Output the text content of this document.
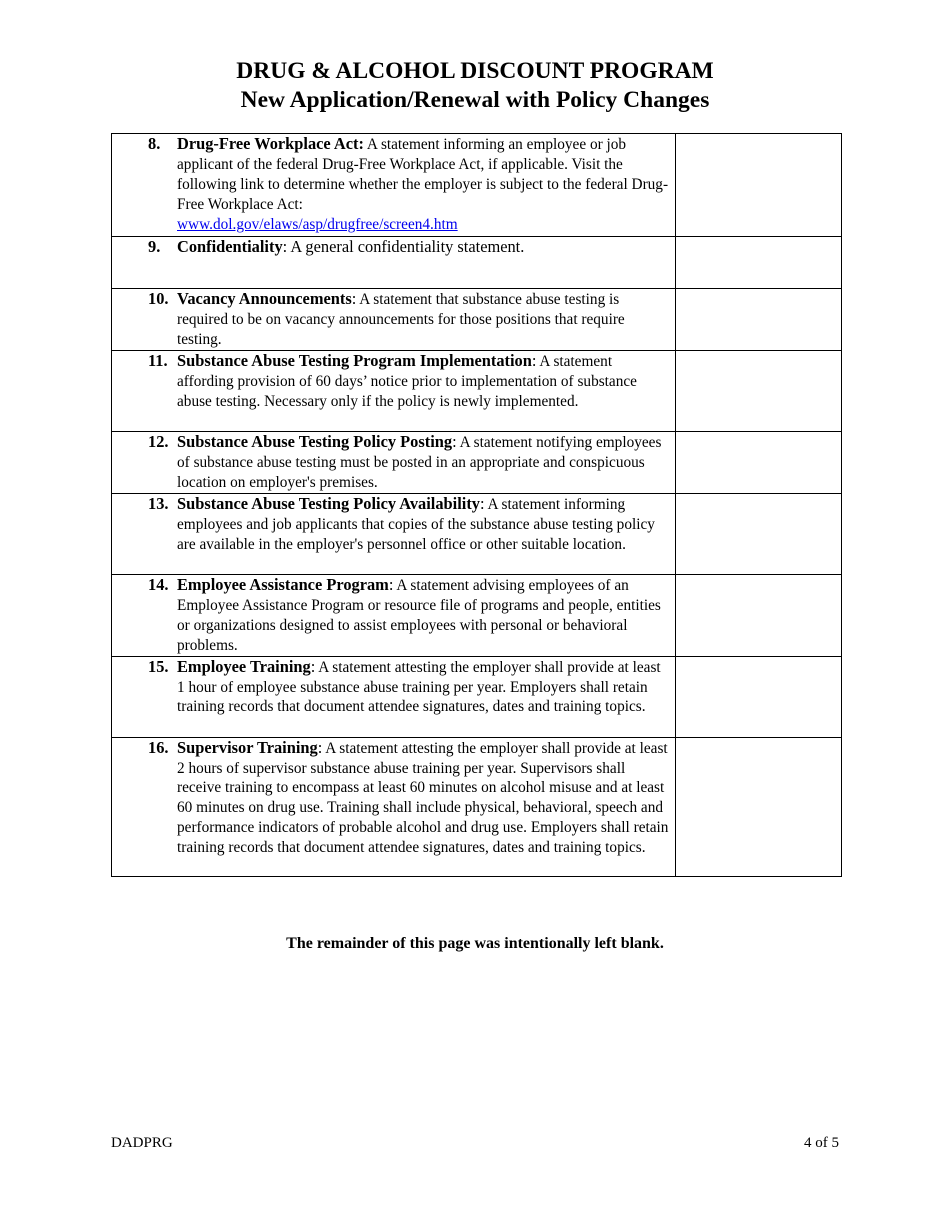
DRUG & ALCOHOL DISCOUNT PROGRAM
New Application/Renewal with Policy Changes
8. Drug-Free Workplace Act: A statement informing an employee or job applicant of the federal Drug-Free Workplace Act, if applicable. Visit the following link to determine whether the employer is subject to the federal Drug-Free Workplace Act:
www.dol.gov/elaws/asp/drugfree/screen4.htm	

9. Confidentiality: A general confidentiality statement.	

10. Vacancy Announcements: A statement that substance abuse testing is required to be on vacancy announcements for those positions that require testing.	

11. Substance Abuse Testing Program Implementation: A statement affording provision of 60 days’ notice prior to implementation of substance abuse testing. Necessary only if the policy is newly implemented.	

12. Substance Abuse Testing Policy Posting: A statement notifying employees of substance abuse testing must be posted in an appropriate and conspicuous location on employer's premises.	

13. Substance Abuse Testing Policy Availability: A statement informing employees and job applicants that copies of the substance abuse testing policy are available in the employer's personnel office or other suitable location.	

14. Employee Assistance Program: A statement advising employees of an Employee Assistance Program or resource file of programs and people, entities or organizations designed to assist employees with personal or behavioral problems.	

15. Employee Training: A statement attesting the employer shall provide at least 1 hour of employee substance abuse training per year. Employers shall retain training records that document attendee signatures, dates and training topics.	

16. Supervisor Training: A statement attesting the employer shall provide at least 2 hours of supervisor substance abuse training per year. Supervisors shall receive training to encompass at least 60 minutes on alcohol misuse and at least 60 minutes on drug use. Training shall include physical, behavioral, speech and performance indicators of probable alcohol and drug use. Employers shall retain training records that document attendee signatures, dates and training topics.	

The remainder of this page was intentionally left blank.
DADPRG	4 of 5
